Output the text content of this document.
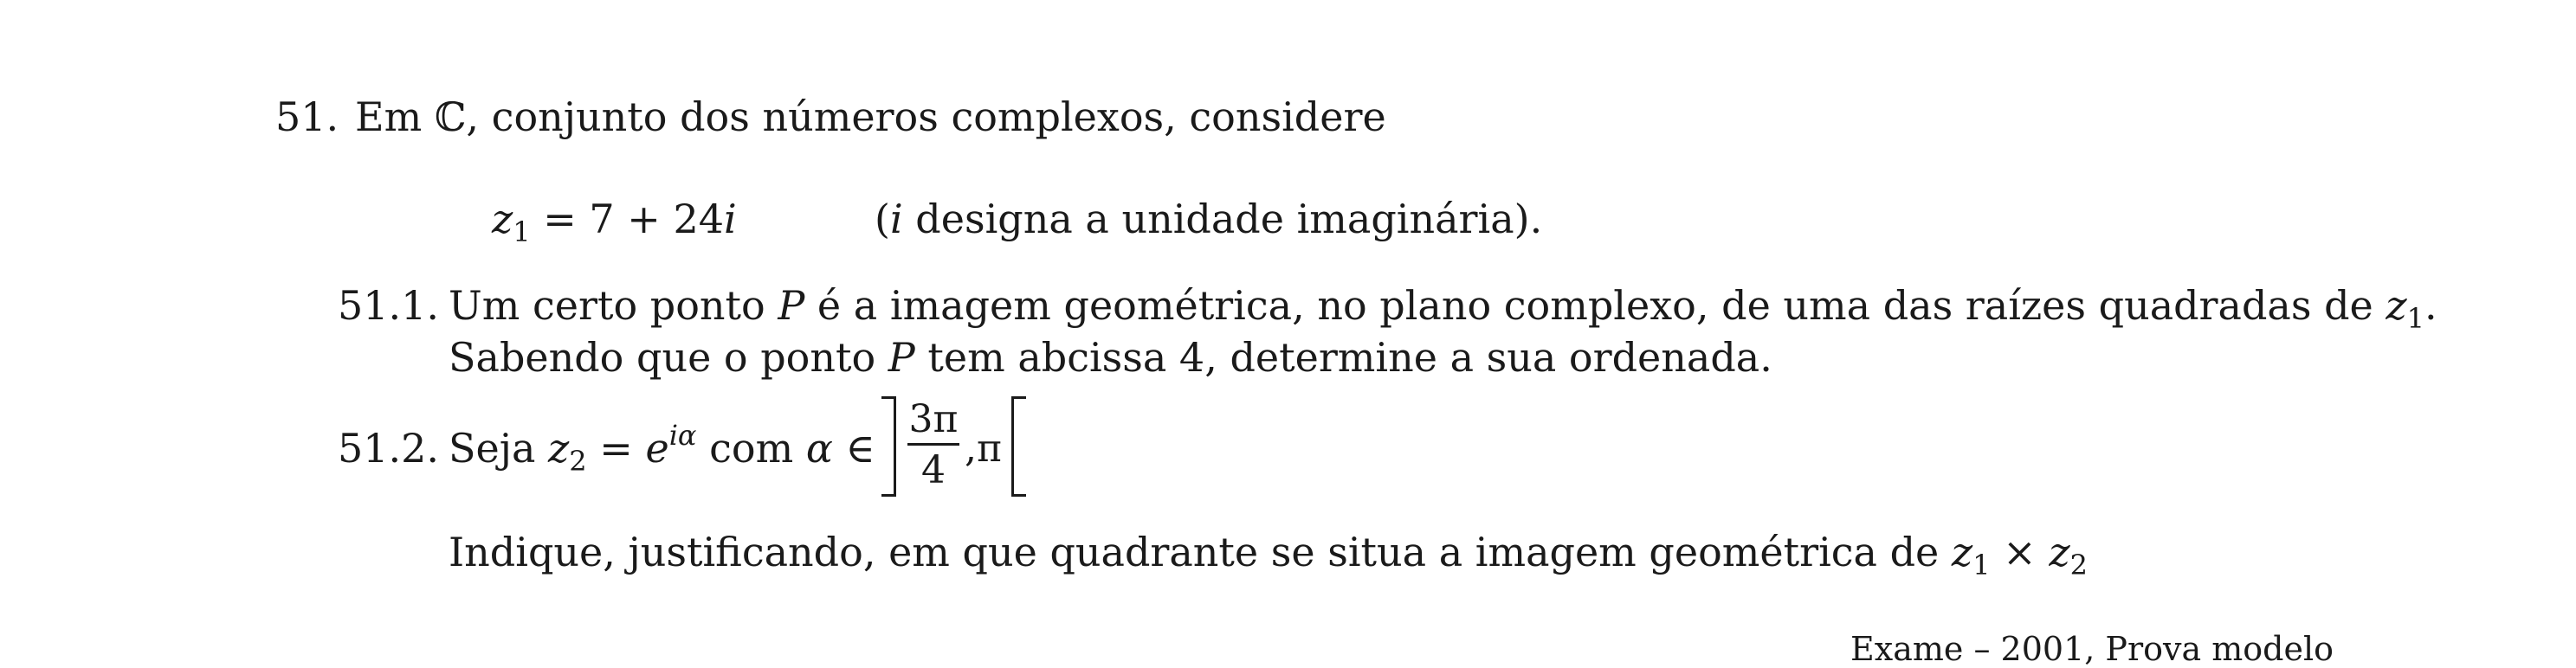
51. Em ℂ, conjunto dos números complexos, considere
$z_1 = 7 + 24i$	(i designa a unidade imaginária).
51.1. Um certo ponto P é a imagem geométrica, no plano complexo, de uma das raízes quadradas de $z_1$.
Sabendo que o ponto P tem abcissa 4, determine a sua ordenada.
51.2. Seja $z_2 = e^{i\alpha}$ com α ∈
3π
4 ,π
Indique, justificando, em que quadrante se situa a imagem geométrica de $z_1 \times z_2$
Exame – 2001, Prova modelo
